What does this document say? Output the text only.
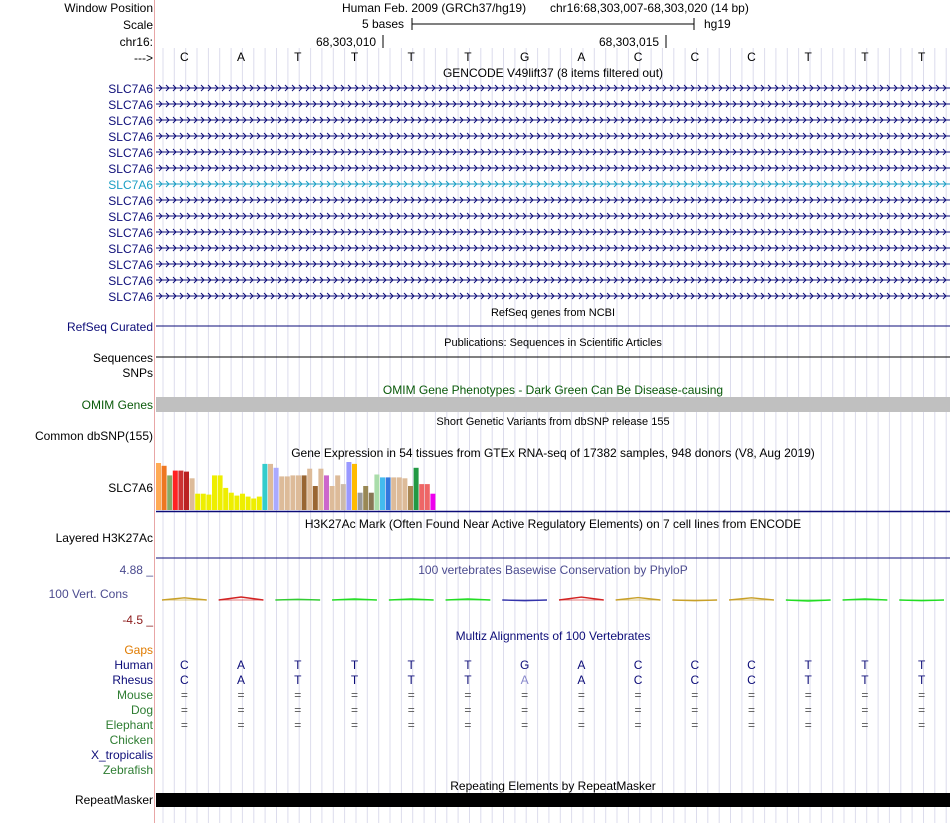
Window Position	Human Feb. 2009 (GRCh37/hg19) chr16:68,303,007-68,303,020 (14 bp)
Scale	5 bases	hg19
chr16:	68,303,010	68,303,015
--->	C	A	T	T	T	T	G	A	C	C	C	T	T	T
GENCODE V49lift37 (8 items filtered out)
SLC7A6
SLC7A6
SLC7A6
SLC7A6
SLC7A6
SLC7A6
SLC7A6
SLC7A6
SLC7A6
SLC7A6
SLC7A6
SLC7A6
SLC7A6
SLC7A6
RefSeq genes from NCBI
RefSeq Curated
Publications: Sequences in Scientific Articles
Sequences
SNPs
OMIM Gene Phenotypes - Dark Green Can Be Disease-causing
OMIM Genes
Short Genetic Variants from dbSNP release 155
Common dbSNP(155)
Gene Expression in 54 tissues from GTEx RNA-seq of 17382 samples, 948 donors (V8, Aug 2019)
SLC7A6
H3K27Ac Mark (Often Found Near Active Regulatory Elements) on 7 cell lines from ENCODE
Layered H3K27Ac
100 vertebrates Basewise Conservation by PhyloP
4.88 _
100 Vert. Cons
-4.5 _
Multiz Alignments of 100 Vertebrates
Gaps
Human	C	A	T	T	T	T	G	A	C	C	C	T	T	T
Rhesus	C	A	T	T	T	T	A	A	C	C	C	T	T	T
Mouse	=	=	=	=	=	=	=	=	=	=	=	=	=	=
Dog	=	=	=	=	=	=	=	=	=	=	=	=	=	=
Elephant	=	=	=	=	=	=	=	=	=	=	=	=	=	=
Chicken
X_tropicalis
Zebrafish
Repeating Elements by RepeatMasker
RepeatMasker
